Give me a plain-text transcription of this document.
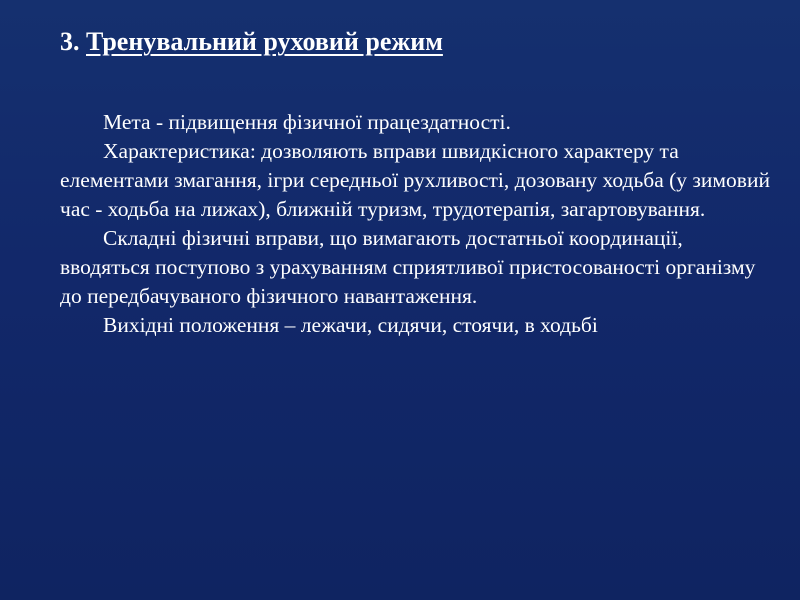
3. Тренувальний руховий режим

Мета - підвищення фізичної працездатності.

Характеристика: дозволяють вправи швидкісного характеру та елементами змагання, ігри середньої рухливості, дозовану ходьба (у зимовий час - ходьба на лижах), ближній туризм, трудотерапія, загартовування.

Складні фізичні вправи, що вимагають достатньої координації, вводяться поступово з урахуванням сприятливої пристосованості організму до передбачуваного фізичного навантаження.

Вихідні положення – лежачи, сидячи, стоячи, в ходьбі
